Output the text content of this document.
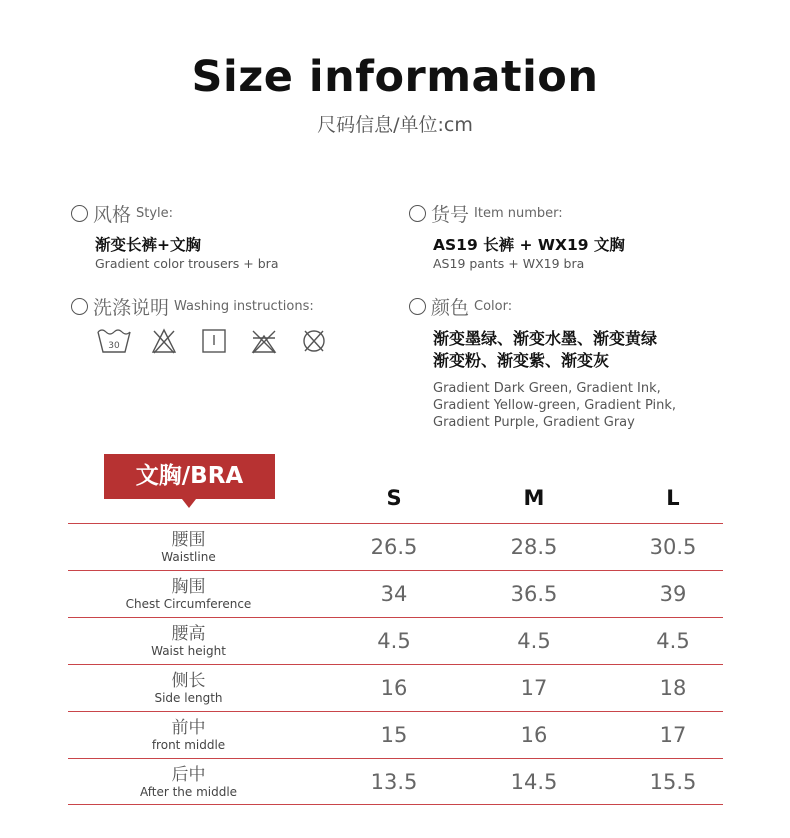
Size information
尺码信息/单位:cm
风格 Style:
渐变长裤+文胸
Gradient color trousers + bra
货号 Item number:
AS19 长裤 + WX19 文胸
AS19 pants + WX19 bra
洗涤说明 Washing instructions:
30
颜色 Color:
渐变墨绿、渐变水墨、渐变黄绿
渐变粉、渐变紫、渐变灰
Gradient Dark Green, Gradient Ink,
Gradient Yellow-green, Gradient Pink,
Gradient Purple, Gradient Gray
文胸/BRA
S	M	L
腰围
Waistline	26.5	28.5	30.5
胸围
Chest Circumference	34	36.5	39
腰高
Waist height	4.5	4.5	4.5
侧长
Side length	16	17	18
前中
front middle	15	16	17
后中
After the middle	13.5	14.5	15.5
